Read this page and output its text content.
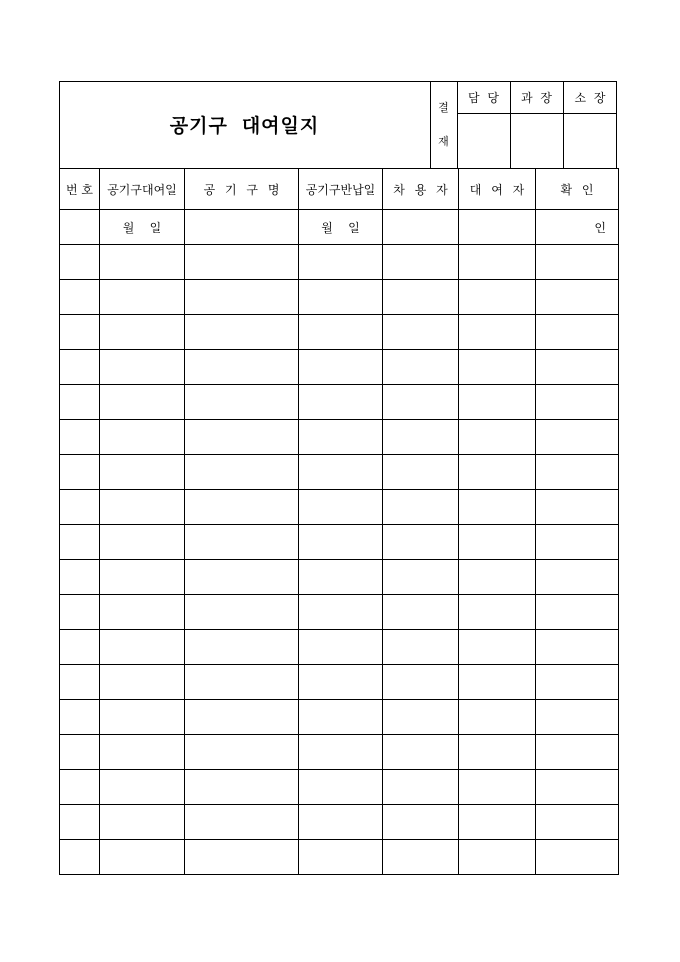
공기구 대여일지
결
재
담 당	과 장	소 장
번 호	공기구대여일	공 기 구 명	공기구반납일	차 용 자	대 여 자	확 인
	월    일		월    일			인
